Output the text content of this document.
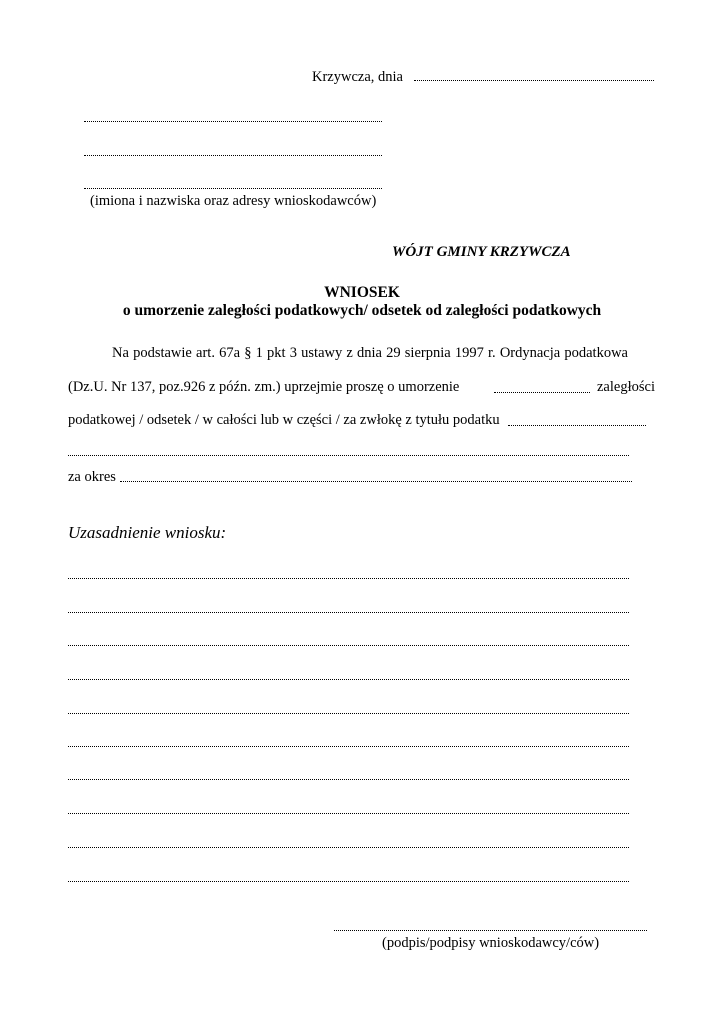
Krzywcza, dnia
(imiona i nazwiska oraz adresy wnioskodawców)
WÓJT GMINY KRZYWCZA
WNIOSEK
o umorzenie zaległości podatkowych/ odsetek od zaległości podatkowych
Na podstawie art. 67a § 1 pkt 3 ustawy z dnia 29 sierpnia 1997 r. Ordynacja podatkowa
(Dz.U. Nr 137, poz.926 z późn. zm.) uprzejmie proszę o umorzenie	zaległości
podatkowej / odsetek / w całości lub w części / za zwłokę z tytułu podatku
za okres
Uzasadnienie wniosku:
(podpis/podpisy wnioskodawcy/ców)
